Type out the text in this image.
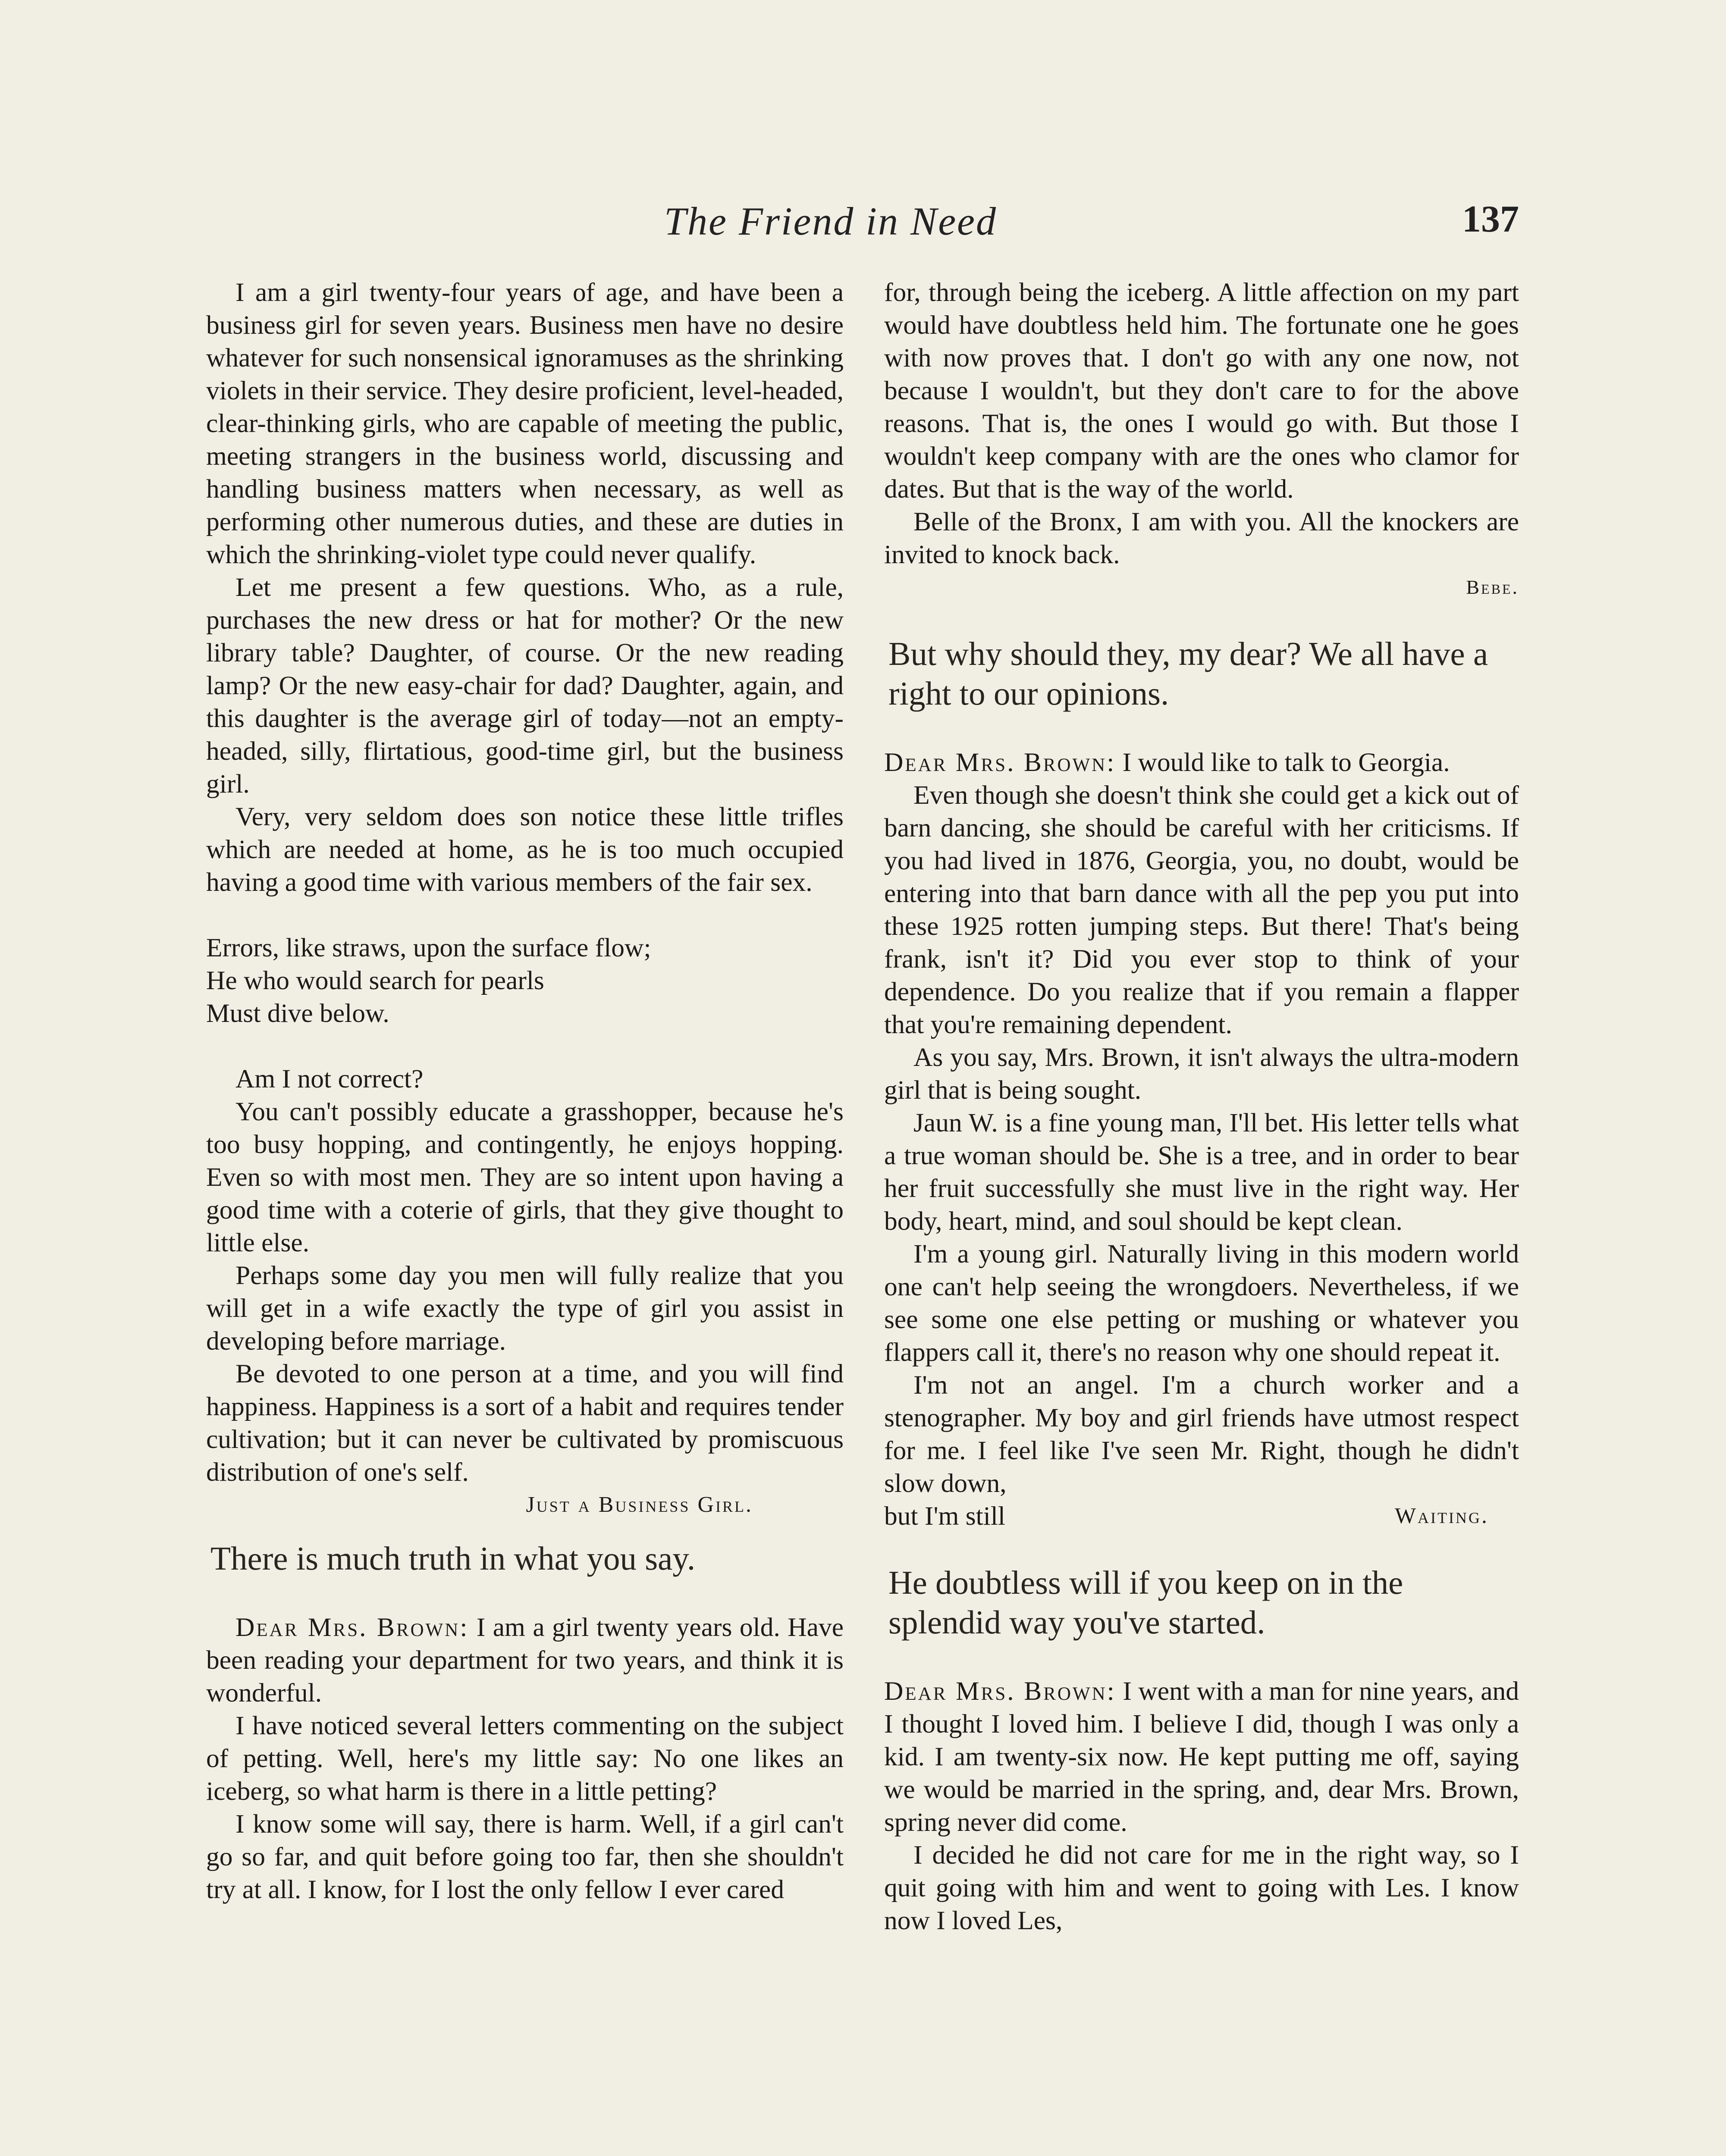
The Friend in Need	137

I am a girl twenty-four years of age, and have been a business girl for seven years. Business men have no desire whatever for such nonsensical ignoramuses as the shrinking violets in their service. They desire proficient, level-headed, clear-thinking girls, who are capable of meeting the public, meeting strangers in the business world, discussing and handling business matters when necessary, as well as performing other numerous duties, and these are duties in which the shrinking-violet type could never qualify.

Let me present a few questions. Who, as a rule, purchases the new dress or hat for mother? Or the new library table? Daughter, of course. Or the new reading lamp? Or the new easy-chair for dad? Daughter, again, and this daughter is the average girl of today—not an empty-headed, silly, flirtatious, good-time girl, but the business girl.

Very, very seldom does son notice these little trifles which are needed at home, as he is too much occupied having a good time with various members of the fair sex.

Errors, like straws, upon the surface flow;

He who would search for pearls

Must dive below.

Am I not correct?

You can't possibly educate a grasshopper, because he's too busy hopping, and contingently, he enjoys hopping. Even so with most men. They are so intent upon having a good time with a coterie of girls, that they give thought to little else.

Perhaps some day you men will fully realize that you will get in a wife exactly the type of girl you assist in developing before marriage.

Be devoted to one person at a time, and you will find happiness. Happiness is a sort of a habit and requires tender cultivation; but it can never be cultivated by promiscuous distribution of one's self.

Just a Business Girl.

There is much truth in what you say.

Dear Mrs. Brown: I am a girl twenty years old. Have been reading your department for two years, and think it is wonderful.

I have noticed several letters commenting on the subject of petting. Well, here's my little say: No one likes an iceberg, so what harm is there in a little petting?

I know some will say, there is harm. Well, if a girl can't go so far, and quit before going too far, then she shouldn't try at all. I know, for I lost the only fellow I ever cared

for, through being the iceberg. A little affection on my part would have doubtless held him. The fortunate one he goes with now proves that. I don't go with any one now, not because I wouldn't, but they don't care to for the above reasons. That is, the ones I would go with. But those I wouldn't keep company with are the ones who clamor for dates. But that is the way of the world.

Belle of the Bronx, I am with you. All the knockers are invited to knock back.

Bebe.

But why should they, my dear? We all have a right to our opinions.

Dear Mrs. Brown: I would like to talk to Georgia.

Even though she doesn't think she could get a kick out of barn dancing, she should be careful with her criticisms. If you had lived in 1876, Georgia, you, no doubt, would be entering into that barn dance with all the pep you put into these 1925 rotten jumping steps. But there! That's being frank, isn't it? Did you ever stop to think of your dependence. Do you realize that if you remain a flapper that you're remaining dependent.

As you say, Mrs. Brown, it isn't always the ultra-modern girl that is being sought.

Jaun W. is a fine young man, I'll bet. His letter tells what a true woman should be. She is a tree, and in order to bear her fruit successfully she must live in the right way. Her body, heart, mind, and soul should be kept clean.

I'm a young girl. Naturally living in this modern world one can't help seeing the wrongdoers. Nevertheless, if we see some one else petting or mushing or whatever you flappers call it, there's no reason why one should repeat it.

I'm not an angel. I'm a church worker and a stenographer. My boy and girl friends have utmost respect for me. I feel like I've seen Mr. Right, though he didn't slow down,

but I'm still	Waiting.

He doubtless will if you keep on in the splendid way you've started.

Dear Mrs. Brown: I went with a man for nine years, and I thought I loved him. I believe I did, though I was only a kid. I am twenty-six now. He kept putting me off, saying we would be married in the spring, and, dear Mrs. Brown, spring never did come.

I decided he did not care for me in the right way, so I quit going with him and went to going with Les. I know now I loved Les,
